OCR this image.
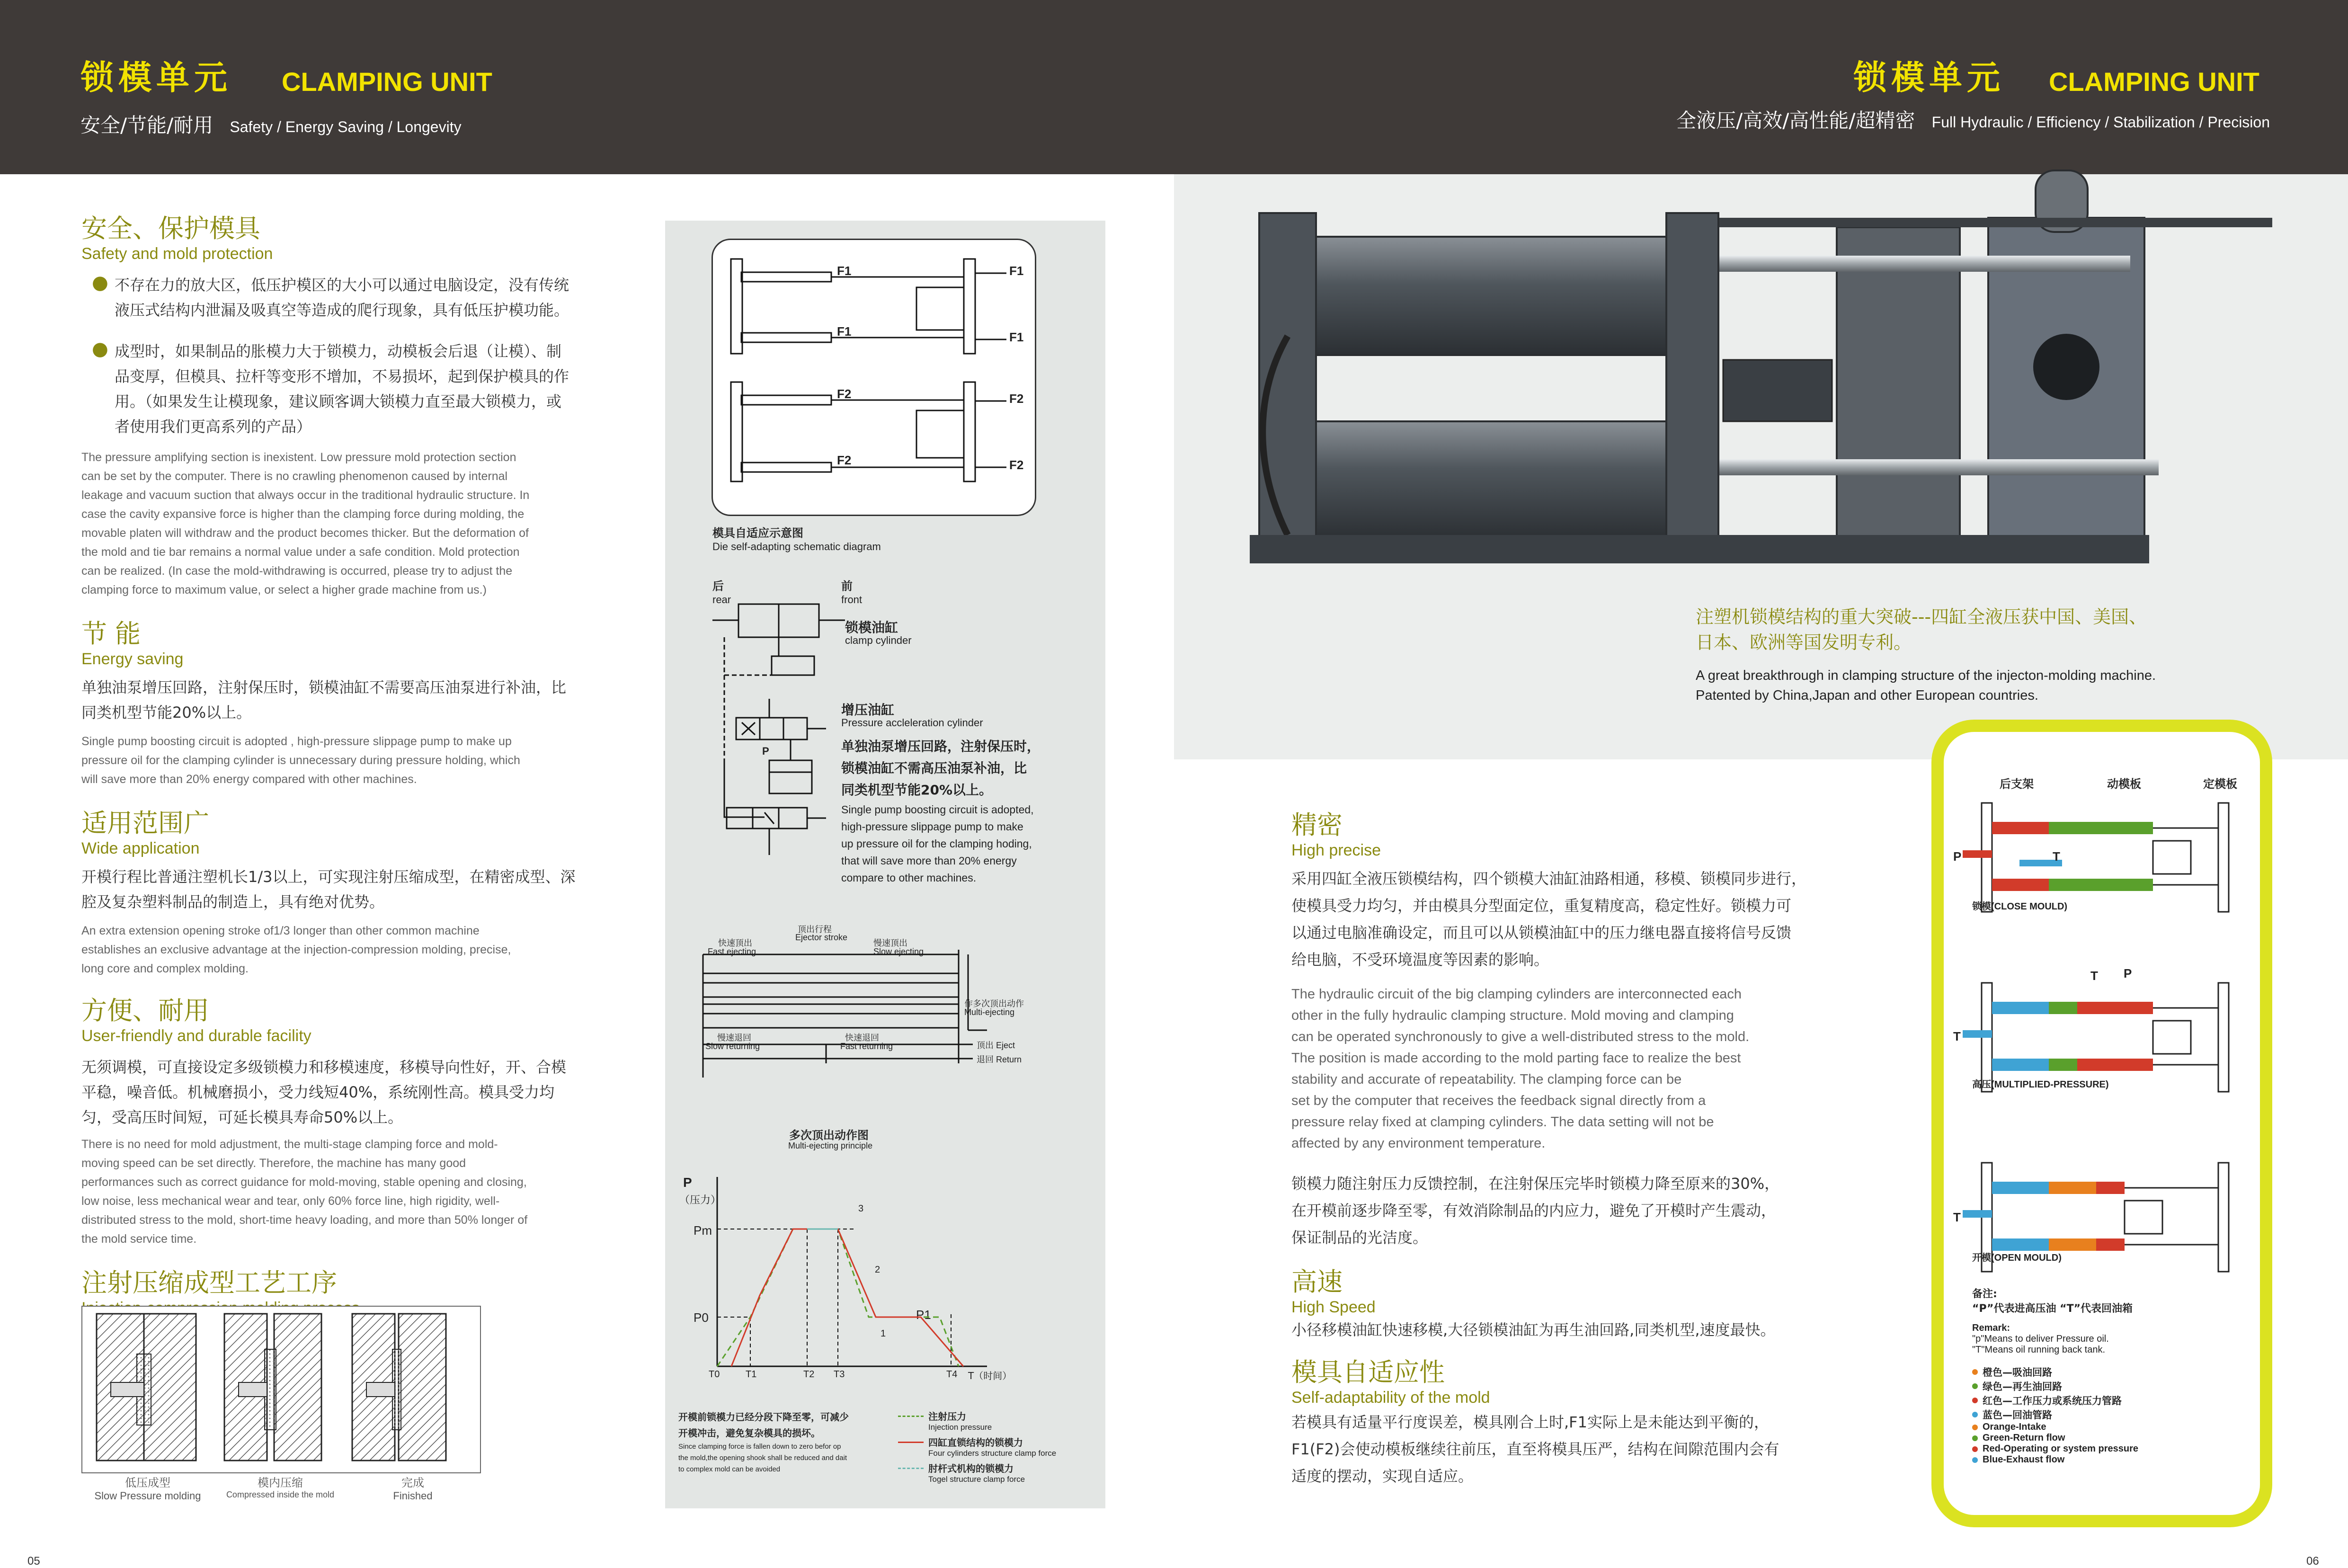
锁模单元 CLAMPING UNIT
安全/节能/耐用 Safety / Energy Saving / Longevity
锁模单元 CLAMPING UNIT
全液压/高效/高性能/超精密 Full Hydraulic / Efficiency / Stabilization / Precision
安全、保护模具
Safety and mold protection
● 不存在力的放大区，低压护模区的大小可以通过电脑设定，没有传统
液压式结构内泄漏及吸真空等造成的爬行现象，具有低压护模功能。
● 成型时，如果制品的胀模力大于锁模力，动模板会后退（让模）、制
品变厚，但模具、拉杆等变形不增加，不易损坏，起到保护模具的作
用。（如果发生让模现象，建议顾客调大锁模力直至最大锁模力，或
者使用我们更高系列的产品）
The pressure amplifying section is inexistent. Low pressure mold protection section
can be set by the computer. There is no crawling phenomenon caused by internal
leakage and vacuum suction that always occur in the traditional hydraulic structure. In
case the cavity expansive force is higher than the clamping force during molding, the
movable platen will withdraw and the product becomes thicker. But the deformation of
the mold and tie bar remains a normal value under a safe condition. Mold protection
can be realized. (In case the mold-withdrawing is occurred, please try to adjust the
clamping force to maximum value, or select a higher grade machine from us.)
节 能
Energy saving
单独油泵增压回路，注射保压时，锁模油缸不需要高压油泵进行补油，比
同类机型节能20%以上。
Single pump boosting circuit is adopted , high-pressure slippage pump to make up
pressure oil for the clamping cylinder is unnecessary during pressure holding, which
will save more than 20% energy compared with other machines.
适用范围广
Wide application
开模行程比普通注塑机长1/3以上，可实现注射压缩成型，在精密成型、深
腔及复杂塑料制品的制造上，具有绝对优势。
An extra extension opening stroke of1/3 longer than other common machine
establishes an exclusive advantage at the injection-compression molding, precise,
long core and complex molding.
方便、耐用
User-friendly and durable facility
无须调模，可直接设定多级锁模力和移模速度，移模导向性好，开、合模
平稳，噪音低。机械磨损小，受力线短40%，系统刚性高。模具受力均
匀，受高压时间短，可延长模具寿命50%以上。
There is no need for mold adjustment, the multi-stage clamping force and mold-
moving speed can be set directly. Therefore, the machine has many good
performances such as correct guidance for mold-moving, stable opening and closing,
low noise, less mechanical wear and tear, only 60% force line, high rigidity, well-
distributed stress to the mold, short-time heavy loading, and more than 50% longer of
the mold service time.
注射压缩成型工艺工序
低压成型
Slow Pressure molding
模内压缩
Compressed inside the mold
完成
Finished
F1	F1
F1	F1
F2	F2
F2	F2
模具自适应示意图
Die self-adapting schematic diagram
后
rear
前
front
锁模油缸
clamp cylinder
增压油缸
Pressure accleleration cylinder
P	单独油泵增压回路，注射保压时，
锁模油缸不需高压油泵补油，比
同类机型节能20%以上。
Single pump boosting circuit is adopted,
high-pressure slippage pump to make
up pressure oil for the clamping hoding,
that will save more than 20% energy
compare to other machines.
顶出行程
Ejector stroke
快速顶出
Fast ejecting
慢速顶出
Slow ejecting
作多次顶出动作
Multi-ejecting
慢速退回
Slow returning
快速退回
Fast returning	顶出 Eject
退回 Return
多次顶出动作图
Multi-ejecting principle
P
（压力）
Pm
P0	P1
3
2
1
T0	T1	T2 T3	T4 T（时间）
开模前锁模力已经分段下降至零，可减少
开模冲击，避免复杂模具的损坏。
Since clamping force is fallen down to zero befor op
the mold,the opening shook shall be reduced and dait
to complex mold can be avoided
注射压力
Injection pressure
四缸直锁结构的锁模力
Four cylinders structure clamp force
肘杆式机构的锁模力
Togel structure clamp force
注塑机锁模结构的重大突破---四缸全液压获中国、美国、
日本、欧洲等国发明专利。
A great breakthrough in clamping structure of the injecton-molding machine.
Patented by China,Japan and other European countries.
精密
High precise
采用四缸全液压锁模结构，四个锁模大油缸油路相通，移模、锁模同步进行，
使模具受力均匀，并由模具分型面定位，重复精度高，稳定性好。锁模力可
以通过电脑准确设定，而且可以从锁模油缸中的压力继电器直接将信号反馈
给电脑，不受环境温度等因素的影响。
The hydraulic circuit of the big clamping cylinders are interconnected each
other in the fully hydraulic clamping structure. Mold moving and clamping
can be operated synchronously to give a well-distributed stress to the mold.
The position is made according to the mold parting face to realize the best
stability and accurate of repeatability. The clamping force can be
set by the computer that receives the feedback signal directly from a
pressure relay fixed at clamping cylinders. The data setting will not be
affected by any environment temperature.
锁模力随注射压力反馈控制，在注射保压完毕时锁模力降至原来的30%，
在开模前逐步降至零，有效消除制品的内应力，避免了开模时产生震动，
保证制品的光洁度。
高速
High Speed
小径移模油缸快速移模,大径锁模油缸为再生油回路,同类机型,速度最快。
模具自适应性
Self-adaptability of the mold
若模具有适量平行度误差，模具刚合上时,F1实际上是未能达到平衡的，
F1(F2)会使动模板继续往前压，直至将模具压严，结构在间隙范围内会有
适度的摆动，实现自适应。
后支架	动模板	定模板
P	T
T
T P
T
锁模(CLOSE MOULD)
高压(MULTIPLIED-PRESSURE)
开模(OPEN MOULD)
备注:
“P”代表进高压油 “T”代表回油箱
Remark:
"p"Means to deliver Pressure oil.
"T"Means oil running back tank.
橙色—吸油回路
绿色—再生油回路
红色—工作压力或系统压力管路
蓝色—回油管路
Orange-Intake
Green-Return flow
Red-Operating or system pressure
Blue-Exhaust flow
05	06
